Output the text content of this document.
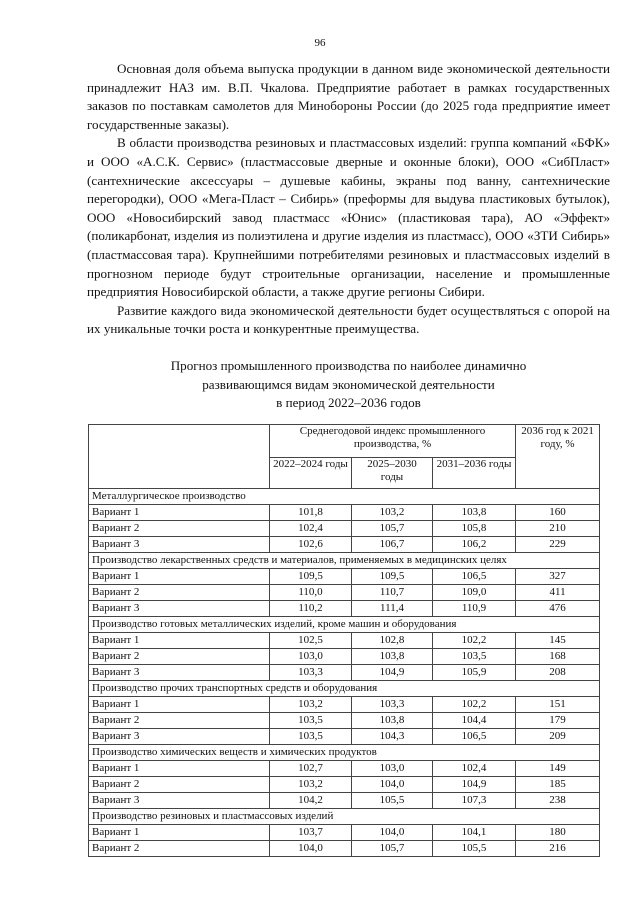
96

Основная доля объема выпуска продукции в данном виде экономической деятельности принадлежит НАЗ им. В.П. Чкалова. Предприятие работает в рамках государственных заказов по поставкам самолетов для Минобороны России (до 2025 года предприятие имеет государственные заказы).

В области производства резиновых и пластмассовых изделий: группа компаний «БФК» и ООО «А.С.К. Сервис» (пластмассовые дверные и оконные блоки), ООО «СибПласт» (сантехнические аксессуары – душевые кабины, экраны под ванну, сантехнические перегородки), ООО «Мега-Пласт – Сибирь» (преформы для выдува пластиковых бутылок), ООО «Новосибирский завод пластмасс «Юнис» (пластиковая тара), АО «Эффект» (поликарбонат, изделия из полиэтилена и другие изделия из пластмасс), ООО «ЗТИ Сибирь» (пластмассовая тара). Крупнейшими потребителями резиновых и пластмассовых изделий в прогнозном периоде будут строительные организации, население и промышленные предприятия Новосибирской области, а также другие регионы Сибири.

Развитие каждого вида экономической деятельности будет осуществляться с опорой на их уникальные точки роста и конкурентные преимущества.

Прогноз промышленного производства по наиболее динамично
развивающимся видам экономической деятельности
в период 2022–2036 годов
	Среднегодовой индекс промышленного производства, %			2036 год к 2021 году, %
	2022–2024 годы	2025–2030 годы	2031–2036 годы	
Металлургическое производство				
Вариант 1	101,8	103,2	103,8	160
Вариант 2	102,4	105,7	105,8	210
Вариант 3	102,6	106,7	106,2	229
Производство лекарственных средств и материалов, применяемых в медицинских целях				
Вариант 1	109,5	109,5	106,5	327
Вариант 2	110,0	110,7	109,0	411
Вариант 3	110,2	111,4	110,9	476
Производство готовых металлических изделий, кроме машин и оборудования				
Вариант 1	102,5	102,8	102,2	145
Вариант 2	103,0	103,8	103,5	168
Вариант 3	103,3	104,9	105,9	208
Производство прочих транспортных средств и оборудования				
Вариант 1	103,2	103,3	102,2	151
Вариант 2	103,5	103,8	104,4	179
Вариант 3	103,5	104,3	106,5	209
Производство химических веществ и химических продуктов				
Вариант 1	102,7	103,0	102,4	149
Вариант 2	103,2	104,0	104,9	185
Вариант 3	104,2	105,5	107,3	238
Производство резиновых и пластмассовых изделий				
Вариант 1	103,7	104,0	104,1	180
Вариант 2	104,0	105,7	105,5	216
